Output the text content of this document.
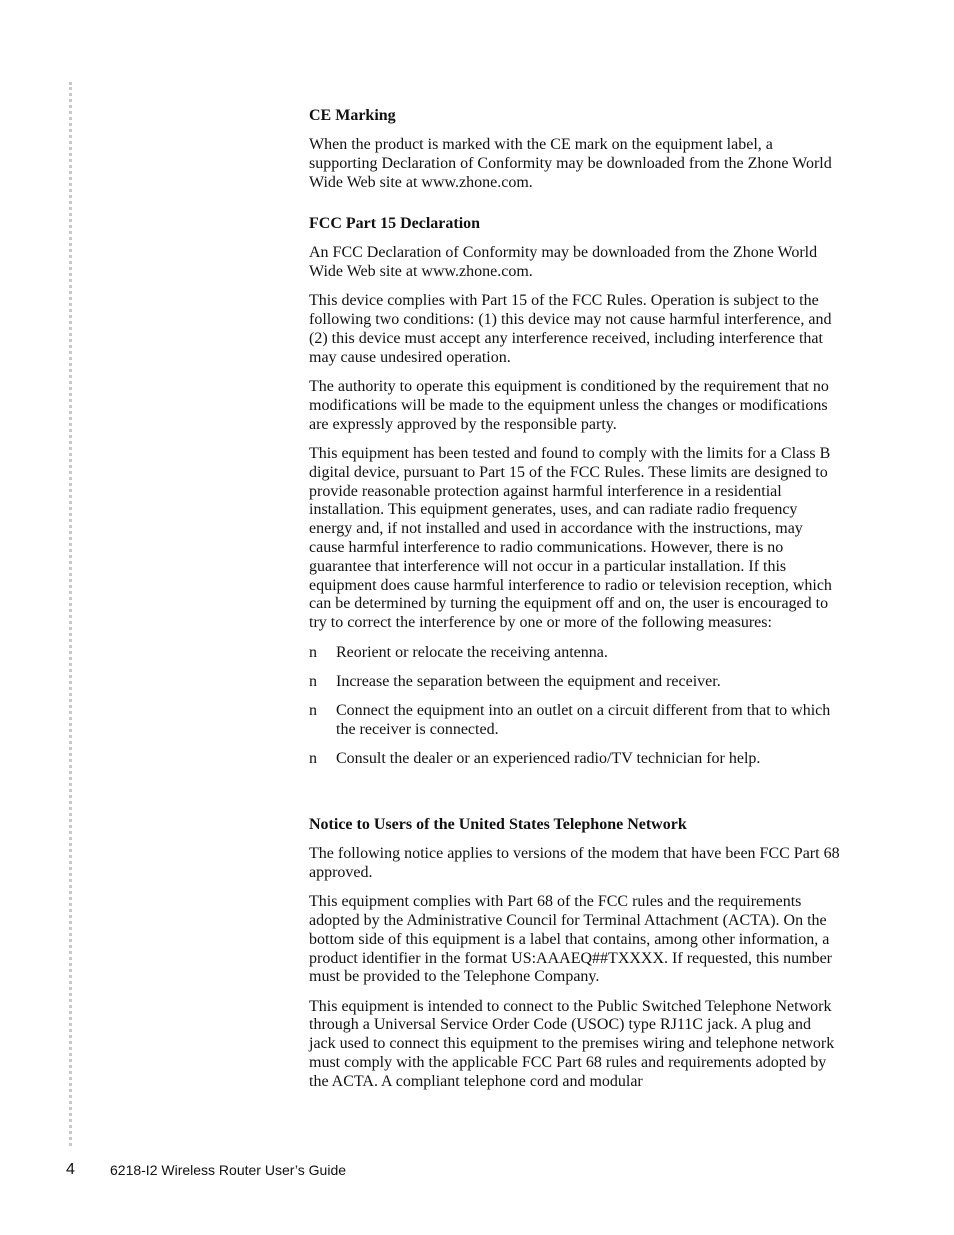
CE Marking

When the product is marked with the CE mark on the equipment label, a supporting Declaration of Conformity may be downloaded from the Zhone World Wide Web site at www.zhone.com.

FCC Part 15 Declaration

An FCC Declaration of Conformity may be downloaded from the Zhone World Wide Web site at www.zhone.com.

This device complies with Part 15 of the FCC Rules. Operation is subject to the following two conditions: (1) this device may not cause harmful interference, and (2) this device must accept any interference received, including interference that may cause undesired operation.

The authority to operate this equipment is conditioned by the requirement that no modifications will be made to the equipment unless the changes or modifications are expressly approved by the responsible party.

This equipment has been tested and found to comply with the limits for a Class B digital device, pursuant to Part 15 of the FCC Rules. These limits are designed to provide reasonable protection against harmful interference in a residential installation. This equipment generates, uses, and can radiate radio frequency energy and, if not installed and used in accordance with the instructions, may cause harmful interference to radio communications. However, there is no guarantee that interference will not occur in a particular installation. If this equipment does cause harmful interference to radio or television reception, which can be determined by turning the equipment off and on, the user is encouraged to try to correct the interference by one or more of the following measures:

n Reorient or relocate the receiving antenna.
n Increase the separation between the equipment and receiver.
n Connect the equipment into an outlet on a circuit different from that to which the receiver is connected.
n Consult the dealer or an experienced radio/TV technician for help.
Notice to Users of the United States Telephone Network

The following notice applies to versions of the modem that have been FCC Part 68 approved.

This equipment complies with Part 68 of the FCC rules and the requirements adopted by the Administrative Council for Terminal Attachment (ACTA). On the bottom side of this equipment is a label that contains, among other information, a product identifier in the format US:AAAEQ##TXXXX. If requested, this number must be provided to the Telephone Company.

This equipment is intended to connect to the Public Switched Telephone Network through a Universal Service Order Code (USOC) type RJ11C jack. A plug and jack used to connect this equipment to the premises wiring and telephone network must comply with the applicable FCC Part 68 rules and requirements adopted by the ACTA. A compliant telephone cord and modular

4	6218-I2 Wireless Router User’s Guide
